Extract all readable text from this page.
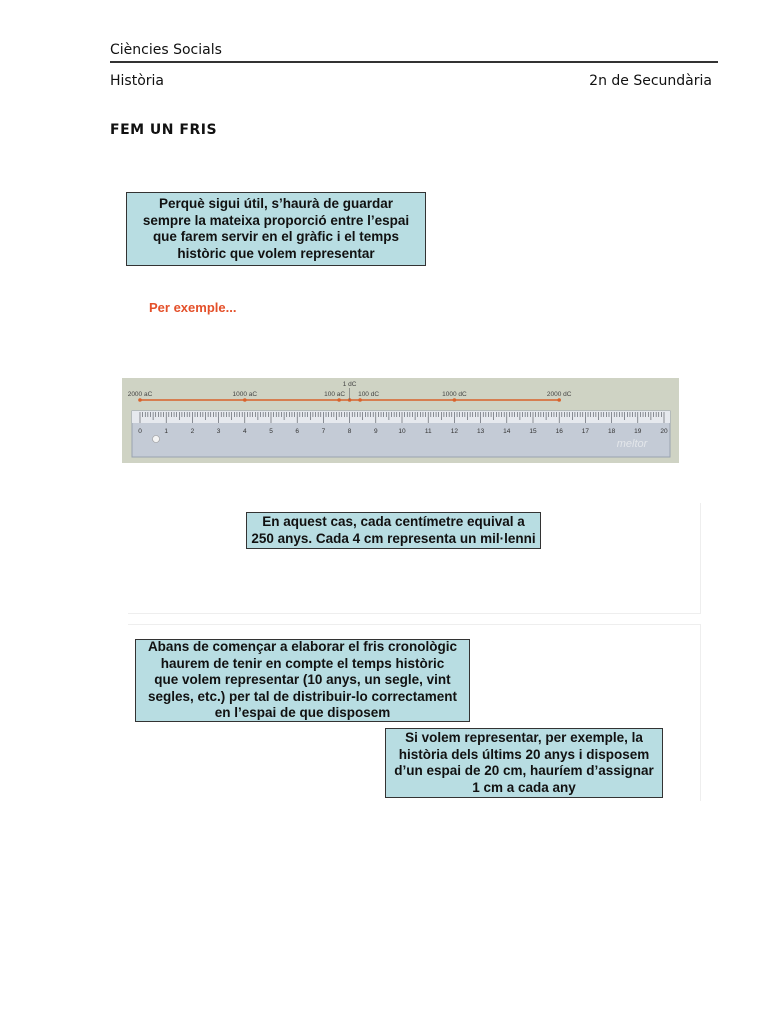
Ciències Socials
Història	2n de Secundària
FEM UN FRIS
Perquè sigui útil, s’haurà de guardar
sempre la mateixa proporció entre l’espai
que farem servir en el gràfic i el temps
històric que volem representar
Per exemple...
0	1	2	3	4	5	6	7	8	9	10	11	12	13	14	15	16	17	18	19	20
meltor
2000 aC	1000 aC	100 aC
1 dC
100 dC	1000 dC	2000 dC
En aquest cas, cada centímetre equival a
250 anys. Cada 4 cm representa un mil·lenni
Abans de començar a elaborar el fris cronològic
haurem de tenir en compte el temps històric
que volem representar (10 anys, un segle, vint
segles, etc.) per tal de distribuir-lo correctament
en l’espai de que disposem
Si volem representar, per exemple, la
història dels últims 20 anys i disposem
d’un espai de 20 cm, hauríem d’assignar
1 cm a cada any
